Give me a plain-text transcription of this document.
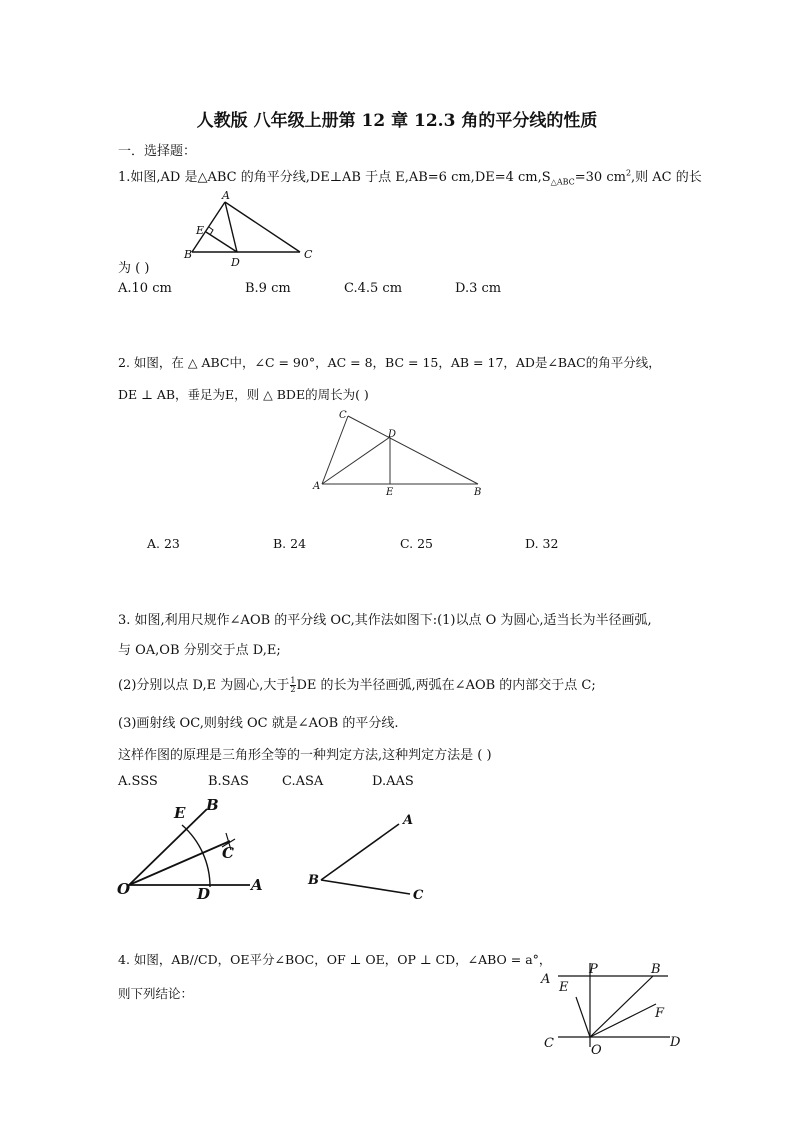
人教版 八年级上册第 12 章 12.3 角的平分线的性质
一．选择题：
1.如图,AD 是△ABC 的角平分线,DE⊥AB 于点 E,AB=6 cm,DE=4 $cm,S_{\triangle ABC}=30$ $cm^2$,则 AC 的长
A
E
B
D
C
为 ( )
A.10 cm	B.9 cm	C.4.5 cm	D.3 cm
2. 如图，在 △ ABC中，∠C = 90°，AC = 8，BC = 15，AB = 17，AD是∠BAC的角平分线，
DE ⊥ AB，垂足为E，则 △ BDE的周长为( )
C
D
A
E	B
A. 23	B. 24	C. 25	D. 32
3. 如图,利用尺规作∠AOB 的平分线 OC,其作法如图下:(1)以点 O 为圆心,适当长为半径画弧,
与 OA,OB 分别交于点 D,E;
(2)分别以点 D,E 为圆心,大于 $\frac{1}{2}$ DE 的长为半径画弧,两弧在∠AOB 的内部交于点 C;
(3)画射线 OC,则射线 OC 就是∠AOB 的平分线.
这样作图的原理是三角形全等的一种判定方法,这种判定方法是 ( )
A.SSS	B.SAS	C.ASA	D.AAS
E B
C
O	D	A
A
B
C
4. 如图，AB//CD，OE平分∠BOC，OF ⊥ OE，OP ⊥ CD，∠ABO = a°，
则下列结论：
A
P	B
E
F
C	O
D
